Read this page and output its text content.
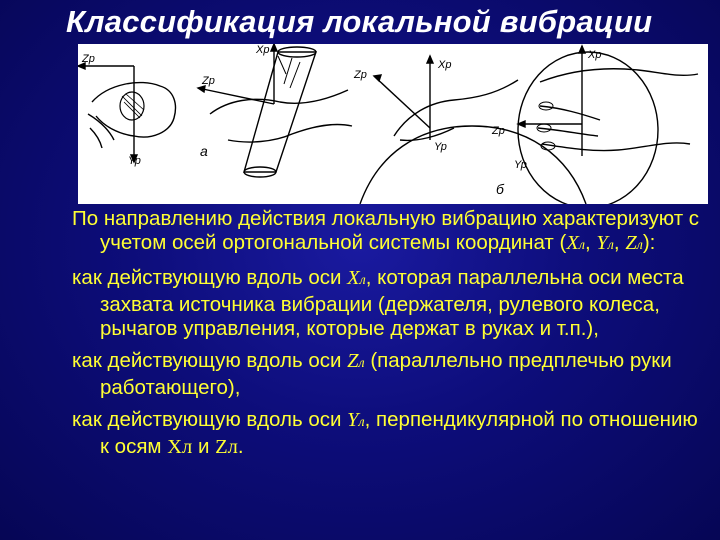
Классификация локальной вибрации
Zp
Yp
Xp
Zp
Xp
Zp
Yp
Xp
Zp
Yp
a
б

По направлению действия локальную вибрацию характеризуют с учетом осей ортогональной системы координат (Xл, Yл, Zл):

как действующую вдоль оси Xл, которая параллельна оси места захвата источника вибрации (держателя, рулевого колеса, рычагов управления, которые держат в руках и т.п.),

как действующую вдоль оси Zл (параллельно предплечью руки работающего),

как действующую вдоль оси Yл, перпендикулярной по отношению к осям Xл и Zл.
